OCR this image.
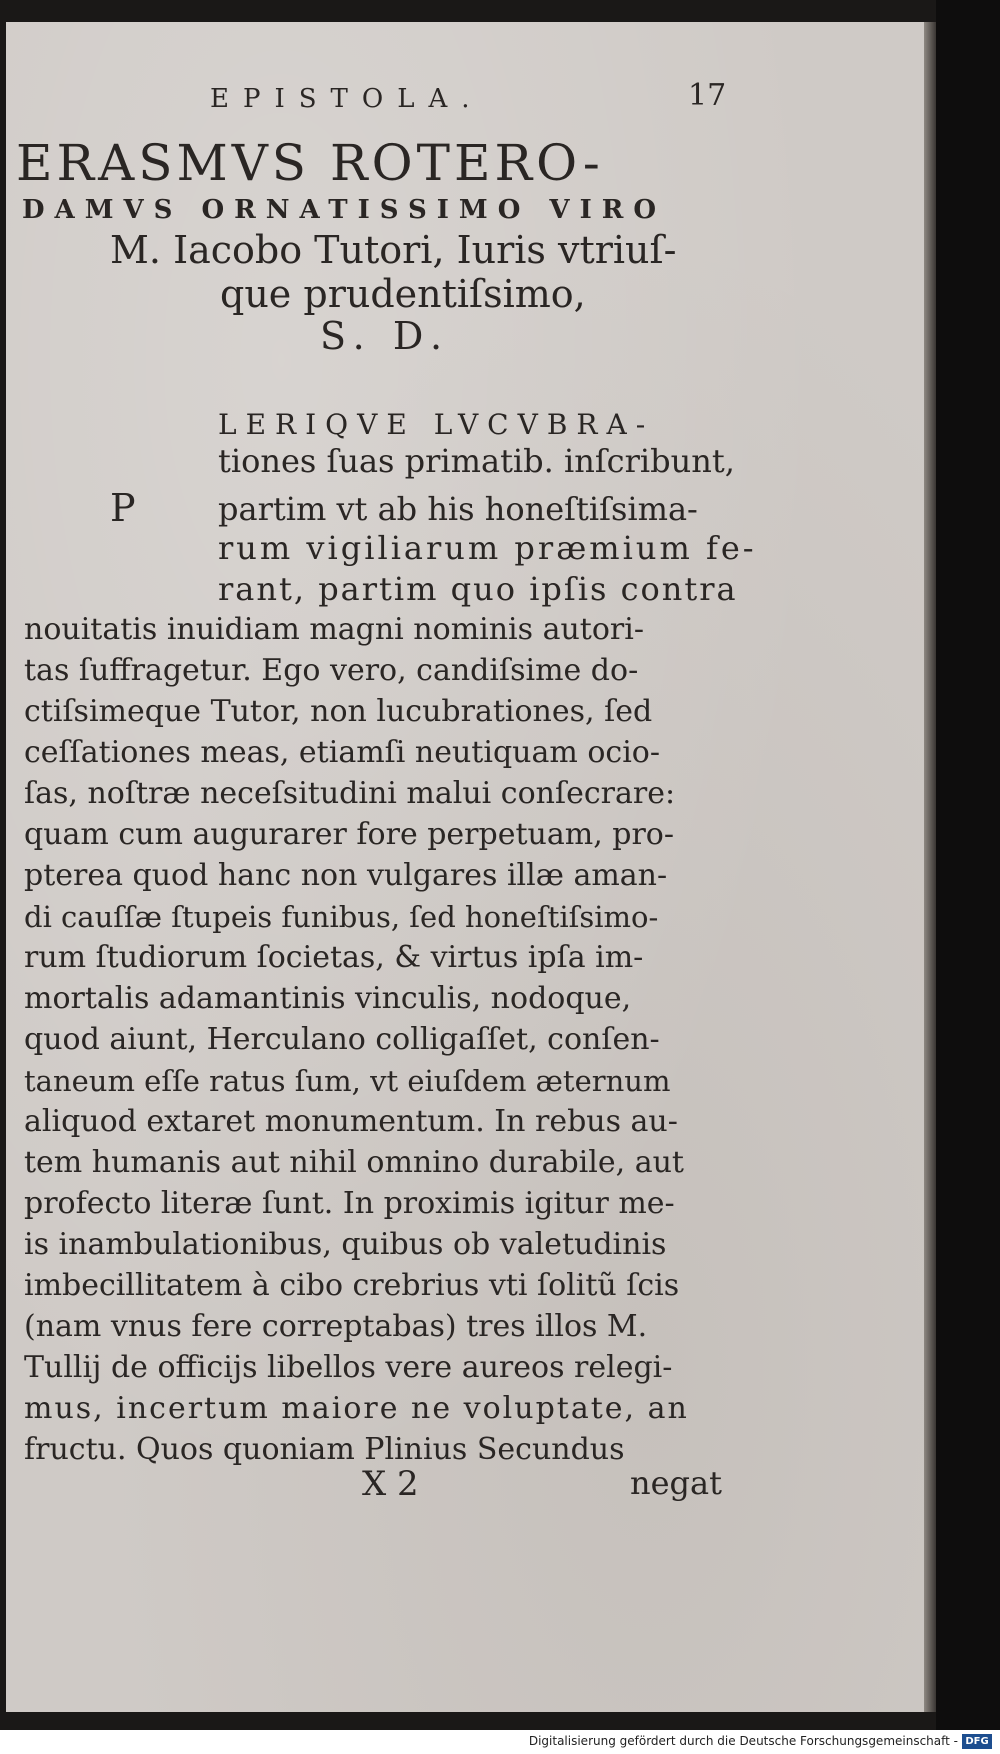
EPISTOLA.	17
ERASMVS ROTERO-
DAMVS ORNATISSIMO VIRO
M. Iacobo Tutori, Iuris vtriuſ-
que prudentiſsimo,
S. D.
P
LERIQVE LVCVBRA-
tiones ſuas primatib. inſcribunt,
partim vt ab his honeſtiſsima-
rum vigiliarum præmium fe-
rant, partim quo ipſis contra
nouitatis inuidiam magni nominis autori-
tas ſuffragetur. Ego vero, candiſsime do-
ctiſsimeque Tutor, non lucubrationes, ſed
ceſſationes meas, etiamſi neutiquam ocio-
ſas, noſtræ neceſsitudini malui conſecrare:
quam cum augurarer fore perpetuam, pro-
pterea quod hanc non vulgares illæ aman-
di cauſſæ ſtupeis funibus, ſed honeſtiſsimo-
rum ſtudiorum ſocietas, & virtus ipſa im-
mortalis adamantinis vinculis, nodoque,
quod aiunt, Herculano colligaſſet, conſen-
taneum eſſe ratus ſum, vt eiuſdem æternum
aliquod extaret monumentum. In rebus au-
tem humanis aut nihil omnino durabile, aut
profecto literæ ſunt. In proximis igitur me-
is inambulationibus, quibus ob valetudinis
imbecillitatem à cibo crebrius vti ſolitũ ſcis
(nam vnus fere correptabas) tres illos M.
Tullij de officijs libellos vere aureos relegi-
mus, incertum maiore ne voluptate, an
fructu. Quos quoniam Plinius Secundus
X 2	negat
Digitalisierung gefördert durch die Deutsche Forschungsgemeinschaft - DFG
